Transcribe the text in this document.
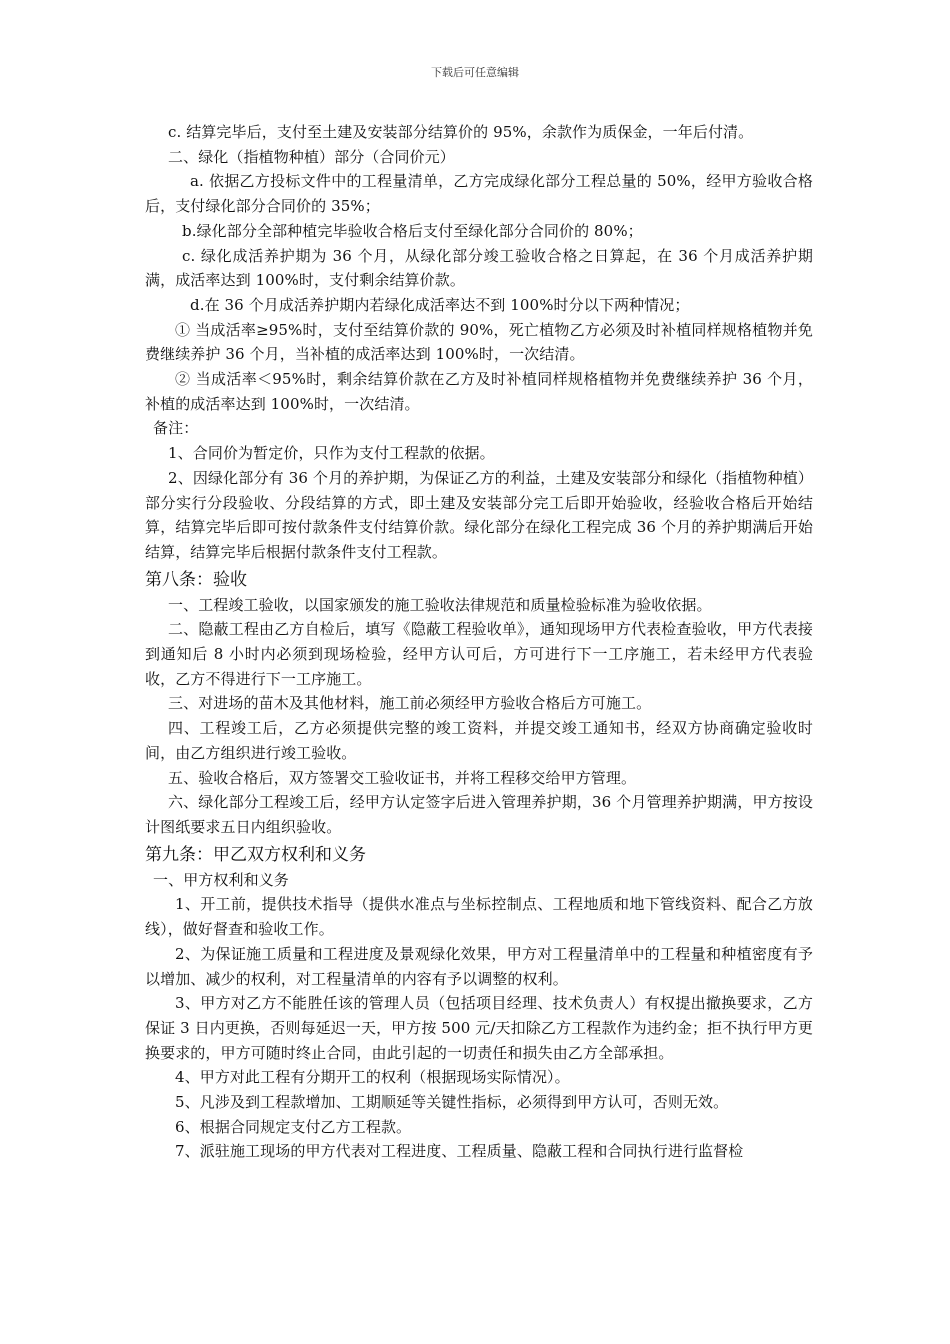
下载后可任意编辑

c. 结算完毕后，支付至土建及安装部分结算价的 95%，余款作为质保金，一年后付清。

二、绿化（指植物种植）部分（合同价元）

a. 依据乙方投标文件中的工程量清单，乙方完成绿化部分工程总量的 50%，经甲方验收合格后，支付绿化部分合同价的 35%；

b.绿化部分全部种植完毕验收合格后支付至绿化部分合同价的 80%；

c. 绿化成活养护期为 36 个月，从绿化部分竣工验收合格之日算起，在 36 个月成活养护期满，成活率达到 100%时，支付剩余结算价款。

d.在 36 个月成活养护期内若绿化成活率达不到 100%时分以下两种情况；

① 当成活率≥95%时，支付至结算价款的 90%，死亡植物乙方必须及时补植同样规格植物并免费继续养护 36 个月，当补植的成活率达到 100%时，一次结清。

② 当成活率＜95%时，剩余结算价款在乙方及时补植同样规格植物并免费继续养护 36 个月，补植的成活率达到 100%时，一次结清。

备注：

1、合同价为暂定价，只作为支付工程款的依据。

2、因绿化部分有 36 个月的养护期，为保证乙方的利益，土建及安装部分和绿化（指植物种植）部分实行分段验收、分段结算的方式，即土建及安装部分完工后即开始验收，经验收合格后开始结算，结算完毕后即可按付款条件支付结算价款。绿化部分在绿化工程完成 36 个月的养护期满后开始结算，结算完毕后根据付款条件支付工程款。

第八条：验收

一、工程竣工验收，以国家颁发的施工验收法律规范和质量检验标准为验收依据。

二、隐蔽工程由乙方自检后，填写《隐蔽工程验收单》，通知现场甲方代表检查验收，甲方代表接到通知后 8 小时内必须到现场检验，经甲方认可后，方可进行下一工序施工，若未经甲方代表验收，乙方不得进行下一工序施工。

三、对进场的苗木及其他材料，施工前必须经甲方验收合格后方可施工。

四、工程竣工后，乙方必须提供完整的竣工资料，并提交竣工通知书，经双方协商确定验收时间，由乙方组织进行竣工验收。

五、验收合格后，双方签署交工验收证书，并将工程移交给甲方管理。

六、绿化部分工程竣工后，经甲方认定签字后进入管理养护期，36 个月管理养护期满，甲方按设计图纸要求五日内组织验收。

第九条：甲乙双方权利和义务

一、甲方权利和义务

1、开工前，提供技术指导（提供水准点与坐标控制点、工程地质和地下管线资料、配合乙方放线），做好督查和验收工作。

2、为保证施工质量和工程进度及景观绿化效果，甲方对工程量清单中的工程量和种植密度有予以增加、减少的权利，对工程量清单的内容有予以调整的权利。

3、甲方对乙方不能胜任该的管理人员（包括项目经理、技术负责人）有权提出撤换要求，乙方保证 3 日内更换，否则每延迟一天，甲方按 500 元/天扣除乙方工程款作为违约金；拒不执行甲方更换要求的，甲方可随时终止合同，由此引起的一切责任和损失由乙方全部承担。

4、甲方对此工程有分期开工的权利（根据现场实际情况）。

5、凡涉及到工程款增加、工期顺延等关键性指标，必须得到甲方认可，否则无效。

6、根据合同规定支付乙方工程款。

7、派驻施工现场的甲方代表对工程进度、工程质量、隐蔽工程和合同执行进行监督检
